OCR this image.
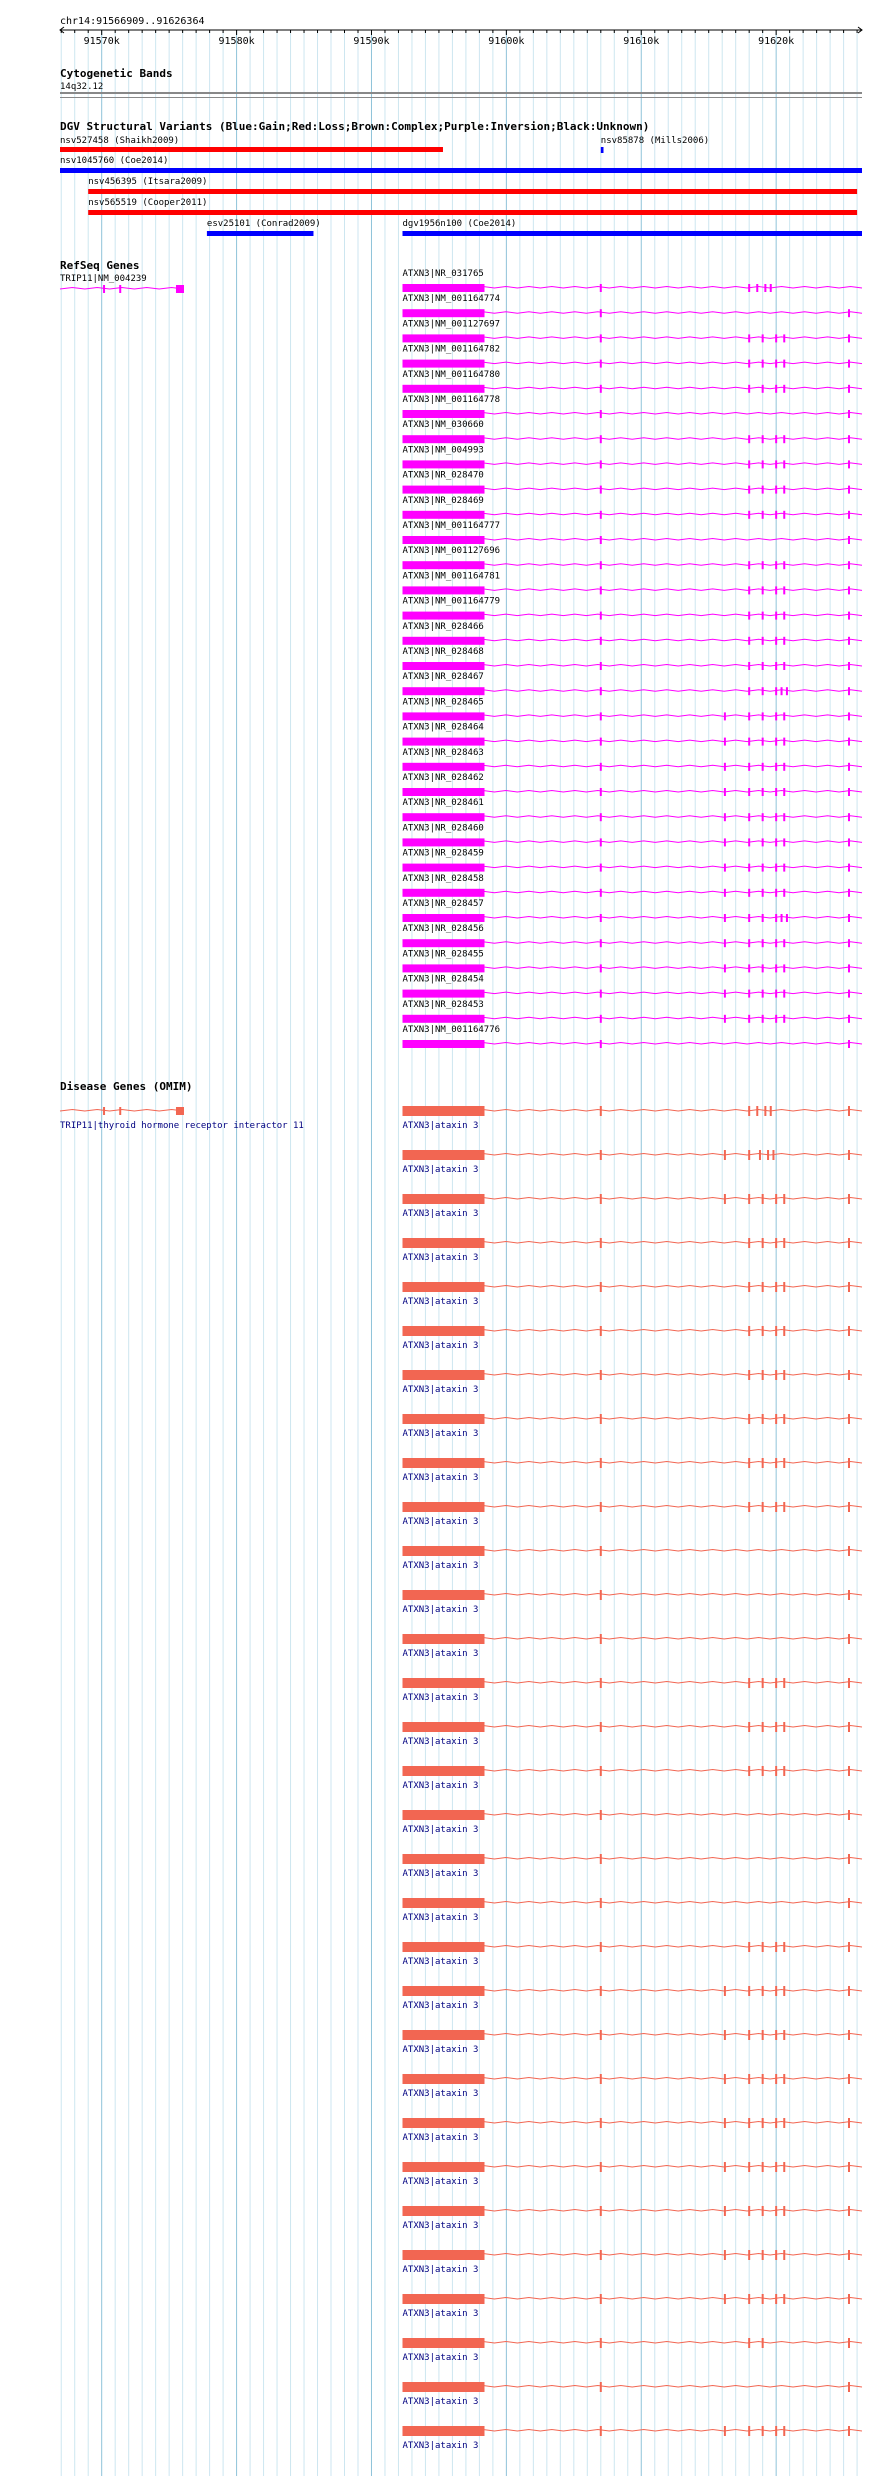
chr14:91566909..91626364
91570k	91580k	91590k	91600k	91610k	91620k
Cytogenetic Bands
14q32.12
DGV Structural Variants (Blue:Gain;Red:Loss;Brown:Complex;Purple:Inversion;Black:Unknown)
nsv527458 (Shaikh2009)	nsv85878 (Mills2006)
nsv1045760 (Coe2014)
nsv456395 (Itsara2009)
nsv565519 (Cooper2011)
esv25101 (Conrad2009)	dgv1956n100 (Coe2014)
RefSeq Genes
TRIP11|NM_004239	ATXN3|NR_031765
ATXN3|NM_001164774
ATXN3|NM_001127697
ATXN3|NM_001164782
ATXN3|NM_001164780
ATXN3|NM_001164778
ATXN3|NM_030660
ATXN3|NM_004993
ATXN3|NR_028470
ATXN3|NR_028469
ATXN3|NM_001164777
ATXN3|NM_001127696
ATXN3|NM_001164781
ATXN3|NM_001164779
ATXN3|NR_028466
ATXN3|NR_028468
ATXN3|NR_028467
ATXN3|NR_028465
ATXN3|NR_028464
ATXN3|NR_028463
ATXN3|NR_028462
ATXN3|NR_028461
ATXN3|NR_028460
ATXN3|NR_028459
ATXN3|NR_028458
ATXN3|NR_028457
ATXN3|NR_028456
ATXN3|NR_028455
ATXN3|NR_028454
ATXN3|NR_028453
ATXN3|NM_001164776
Disease Genes (OMIM)
TRIP11|thyroid hormone receptor interactor 11	ATXN3|ataxin 3
ATXN3|ataxin 3
ATXN3|ataxin 3
ATXN3|ataxin 3
ATXN3|ataxin 3
ATXN3|ataxin 3
ATXN3|ataxin 3
ATXN3|ataxin 3
ATXN3|ataxin 3
ATXN3|ataxin 3
ATXN3|ataxin 3
ATXN3|ataxin 3
ATXN3|ataxin 3
ATXN3|ataxin 3
ATXN3|ataxin 3
ATXN3|ataxin 3
ATXN3|ataxin 3
ATXN3|ataxin 3
ATXN3|ataxin 3
ATXN3|ataxin 3
ATXN3|ataxin 3
ATXN3|ataxin 3
ATXN3|ataxin 3
ATXN3|ataxin 3
ATXN3|ataxin 3
ATXN3|ataxin 3
ATXN3|ataxin 3
ATXN3|ataxin 3
ATXN3|ataxin 3
ATXN3|ataxin 3
ATXN3|ataxin 3
